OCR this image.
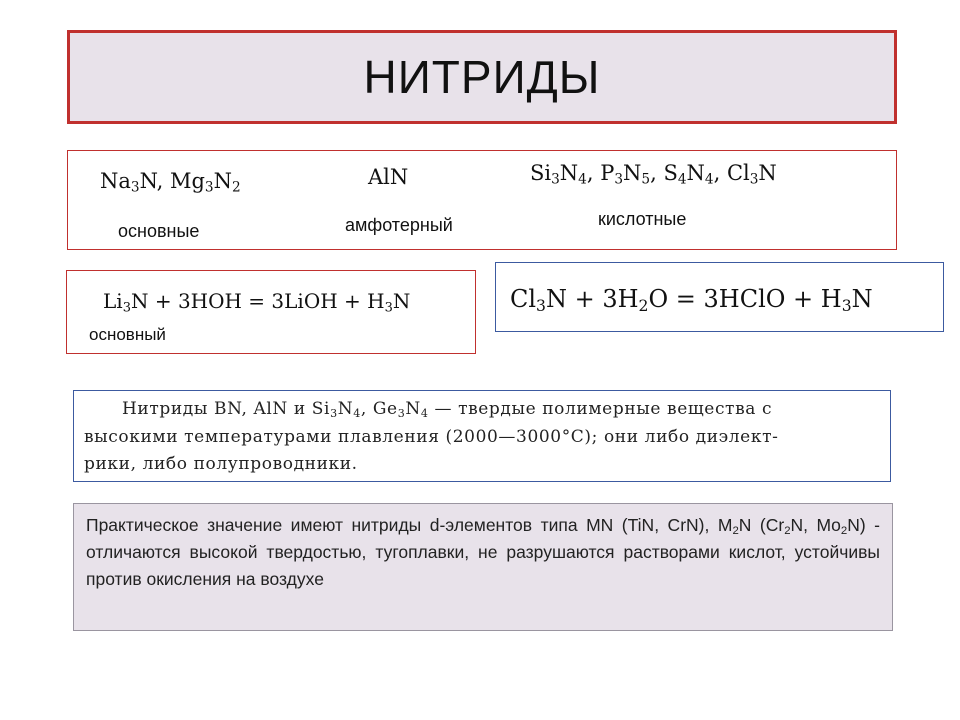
НИТРИДЫ
$Na_3N$, $Mg_3N_2$
основные
AlN
амфотерный
$Si_3N_4$, $P_3N_5$, $S_4N_4$, $Cl_3N$
кислотные
$Li_3N + 3HOH$ = 3LiOH + $H_3N$
основный
$Cl_3N + 3H_2O$ = 3HClO + $H_3N$
Нитриды BN, AlN и $Si_3N_4$, $Ge_3N_4$ — твердые полимерные вещества с
высокими температурами плавления (2000—3000°С); они либо диэлект-
рики, либо полупроводники.
Практическое значение имеют нитриды d-элементов типа MN (TiN, CrN), $M_2N$ ($Cr_2N$, $Mo_2N$) - отличаются высокой твердостью, тугоплавки, не разрушаются растворами кислот, устойчивы против окисления на воздухе
